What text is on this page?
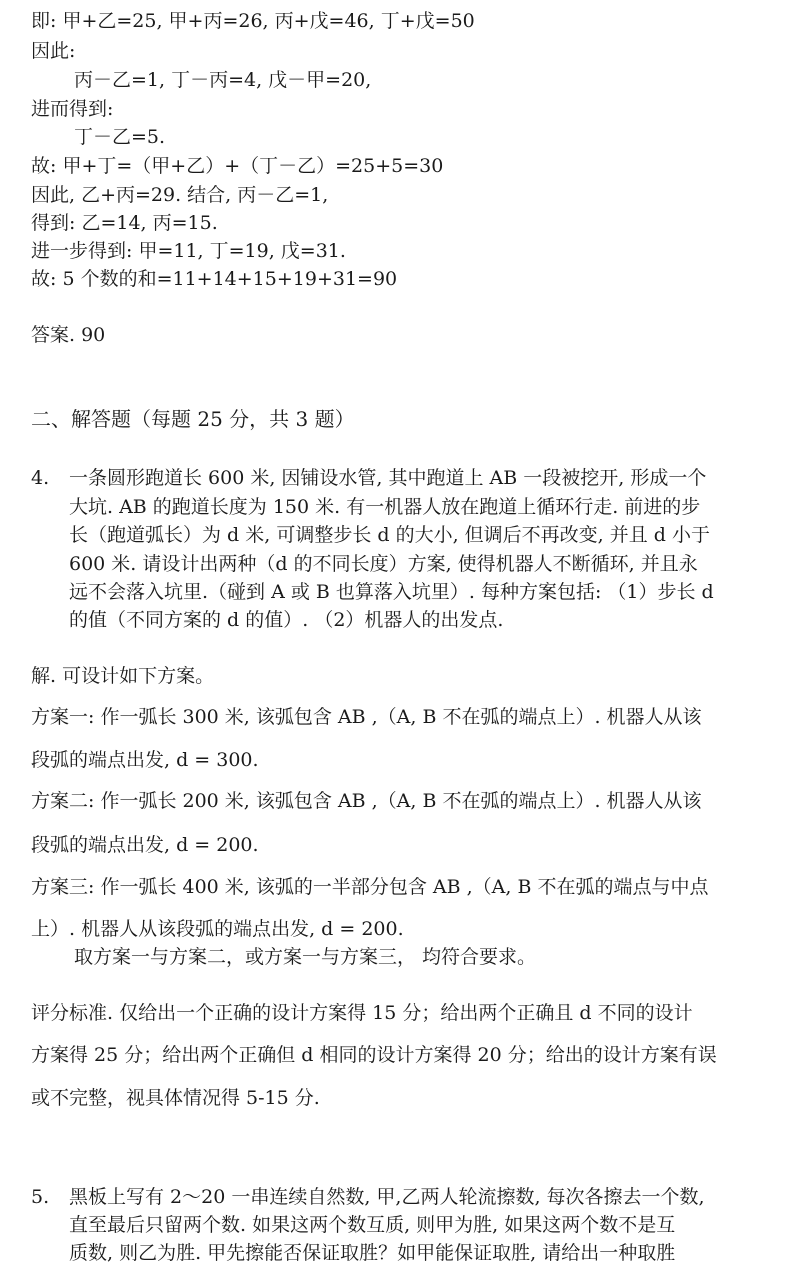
即: 甲+乙=25, 甲+丙=26, 丙+戊=46, 丁+戊=50
因此:
丙－乙=1, 丁－丙=4, 戊－甲=20,
进而得到:
丁－乙=5.
故: 甲+丁=（甲+乙）+（丁－乙）=25+5=30
因此, 乙+丙=29. 结合, 丙－乙=1,
得到: 乙=14, 丙=15.
进一步得到: 甲=11, 丁=19, 戊=31.
故: 5 个数的和=11+14+15+19+31=90
答案. 90
二、解答题（每题 25 分，共 3 题）
4. 一条圆形跑道长 600 米, 因铺设水管, 其中跑道上 AB 一段被挖开, 形成一个
大坑. AB 的跑道长度为 150 米. 有一机器人放在跑道上循环行走. 前进的步
长（跑道弧长）为 d 米, 可调整步长 d 的大小, 但调后不再改变, 并且 d 小于
600 米. 请设计出两种（d 的不同长度）方案, 使得机器人不断循环, 并且永
远不会落入坑里.（碰到 A 或 B 也算落入坑里）. 每种方案包括: （1）步长 d
的值（不同方案的 d 的值）. （2）机器人的出发点.
解. 可设计如下方案。
方案一: 作一弧长 300 米, 该弧包含 AB ,（A, B 不在弧的端点上）. 机器人从该
段弧的端点出发, d = 300.
方案二: 作一弧长 200 米, 该弧包含 AB ,（A, B 不在弧的端点上）. 机器人从该
段弧的端点出发, d = 200.
方案三: 作一弧长 400 米, 该弧的一半部分包含 AB ,（A, B 不在弧的端点与中点
上）. 机器人从该段弧的端点出发, d = 200.
取方案一与方案二，或方案一与方案三， 均符合要求。
评分标准. 仅给出一个正确的设计方案得 15 分；给出两个正确且 d 不同的设计
方案得 25 分；给出两个正确但 d 相同的设计方案得 20 分；给出的设计方案有误
或不完整，视具体情况得 5-15 分.
5. 黑板上写有 2～20 一串连续自然数, 甲,乙两人轮流擦数, 每次各擦去一个数,
直至最后只留两个数. 如果这两个数互质, 则甲为胜, 如果这两个数不是互
质数, 则乙为胜. 甲先擦能否保证取胜？如甲能保证取胜, 请给出一种取胜
